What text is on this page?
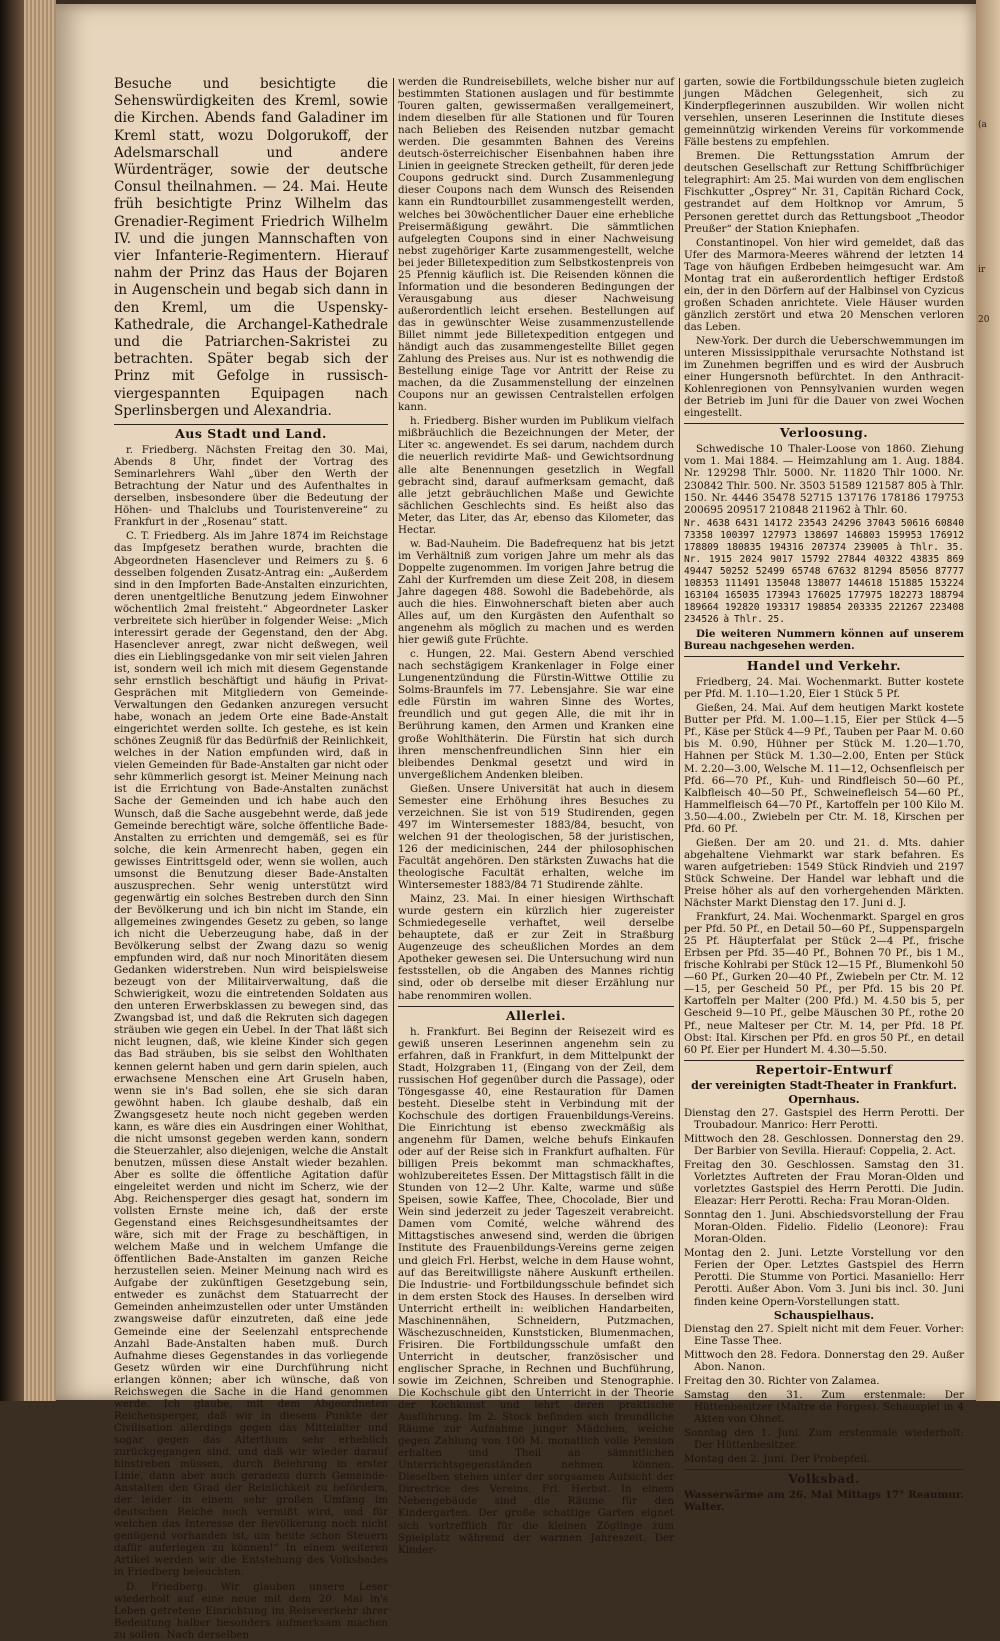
(a
ir
20

Besuche und besichtigte die Sehenswürdigkeiten des Kreml, sowie die Kirchen. Abends fand Galadiner im Kreml statt, wozu Dolgorukoff, der Adelsmarschall und andere Würdenträger, sowie der deutsche Consul theilnahmen. — 24. Mai. Heute früh besichtigte Prinz Wilhelm das Grenadier-Regiment Friedrich Wilhelm IV. und die jungen Mannschaften von vier Infanterie-Regimentern. Hierauf nahm der Prinz das Haus der Bojaren in Augenschein und begab sich dann in den Kreml, um die Uspensky-Kathedrale, die Archangel-Kathedrale und die Patriarchen-Sakristei zu betrachten. Später begab sich der Prinz mit Gefolge in russisch-viergespannten Equipagen nach Sperlinsbergen und Alexandria.

Aus Stadt und Land.

r. Friedberg. Nächsten Freitag den 30. Mai, Abends 8 Uhr, findet der Vortrag des Seminarlehrers Wahl „über den Werth der Betrachtung der Natur und des Aufenthaltes in derselben, insbesondere über die Bedeutung der Höhen- und Thalclubs und Touristenvereine“ zu Frankfurt in der „Rosenau“ statt.

C. T. Friedberg. Als im Jahre 1874 im Reichstage das Impfgesetz berathen wurde, brachten die Abgeordneten Hasenclever und Reimers zu §. 6 desselben folgenden Zusatz-Antrag ein: „Außerdem sind in den Impforten Bade-Anstalten einzurichten, deren unentgeltliche Benutzung jedem Einwohner wöchentlich 2mal freisteht.“ Abgeordneter Lasker verbreitete sich hierüber in folgender Weise: „Mich interessirt gerade der Gegenstand, den der Abg. Hasenclever anregt, zwar nicht deßwegen, weil dies ein Lieblingsgedanke von mir seit vielen Jahren ist, sondern weil ich mich mit diesem Gegenstande sehr ernstlich beschäftigt und häufig in Privat-Gesprächen mit Mitgliedern von Gemeinde-Verwaltungen den Gedanken anzuregen versucht habe, wonach an jedem Orte eine Bade-Anstalt eingerichtet werden sollte. Ich gestehe, es ist kein schönes Zeugniß für das Bedürfniß der Reinlichkeit, welches in der Nation empfunden wird, daß in vielen Gemeinden für Bade-Anstalten gar nicht oder sehr kümmerlich gesorgt ist. Meiner Meinung nach ist die Errichtung von Bade-Anstalten zunächst Sache der Gemeinden und ich habe auch den Wunsch, daß die Sache ausgebehnt werde, daß jede Gemeinde berechtigt wäre, solche öffentliche Bade-Anstalten zu errichten und demgemäß, sei es für solche, die kein Armenrecht haben, gegen ein gewisses Eintrittsgeld oder, wenn sie wollen, auch umsonst die Benutzung dieser Bade-Anstalten auszusprechen. Sehr wenig unterstützt wird gegenwärtig ein solches Bestreben durch den Sinn der Bevölkerung und ich bin nicht im Stande, ein allgemeines zwingendes Gesetz zu geben, so lange ich nicht die Ueberzeugung habe, daß in der Bevölkerung selbst der Zwang dazu so wenig empfunden wird, daß nur noch Minoritäten diesem Gedanken widerstreben. Nun wird beispielsweise bezeugt von der Militairverwaltung, daß die Schwierigkeit, wozu die eintretenden Soldaten aus den unteren Erwerbsklassen zu bewegen sind, das Zwangsbad ist, und daß die Rekruten sich dagegen sträuben wie gegen ein Uebel. In der That läßt sich nicht leugnen, daß, wie kleine Kinder sich gegen das Bad sträuben, bis sie selbst den Wohlthaten kennen gelernt haben und gern darin spielen, auch erwachsene Menschen eine Art Gruseln haben, wenn sie in's Bad sollen, ehe sie sich daran gewöhnt haben. Ich glaube deshalb, daß ein Zwangsgesetz heute noch nicht gegeben werden kann, es wäre dies ein Ausdringen einer Wohlthat, die nicht umsonst gegeben werden kann, sondern die Steuerzahler, also diejenigen, welche die Anstalt benutzen, müssen diese Anstalt wieder bezahlen. Aber es sollte die öffentliche Agitation dafür eingeleitet werden und nicht im Scherz, wie der Abg. Reichensperger dies gesagt hat, sondern im vollsten Ernste meine ich, daß der erste Gegenstand eines Reichsgesundheitsamtes der wäre, sich mit der Frage zu beschäftigen, in welchem Maße und in welchem Umfange die öffentlichen Bade-Anstalten im ganzen Reiche herzustellen seien. Meiner Meinung nach wird es Aufgabe der zukünftigen Gesetzgebung sein, entweder es zunächst dem Statuarrecht der Gemeinden anheimzustellen oder unter Umständen zwangsweise dafür einzutreten, daß eine jede Gemeinde eine der Seelenzahl entsprechende Anzahl Bade-Anstalten haben muß. Durch Aufnahme dieses Gegenstandes in das vorliegende Gesetz würden wir eine Durchführung nicht erlangen können; aber ich wünsche, daß von Reichswegen die Sache in die Hand genommen werde. Ich glaube, mit dem Abgeordneten Reichensperger, daß wir in diesem Punkte der Civilisation allerdings gegen das Mittelalter und sogar gegen das Alterthum sehr erheblich zurückgegangen sind, und daß wir wieder darauf hinstreben müssen, durch Belehrung in erster Linie, dann aber auch geradezu durch Gemeinde-Anstalten den Grad der Reinlichkeit zu befördern, der leider in einem sehr großen Umfang im deutschen Reiche noch vermißt wird, und für welchen das Interesse der Bevölkerung noch nicht genügend vorhanden ist, um heute schon Steuern dafür auferlegen zu können!“ In einem weiteren Artikel werden wir die Entstehung des Volksbades in Friedberg beleuchten.

D. Friedberg. Wir glauben unsere Leser wiederholt auf eine neue mit dem 20. Mai in's Leben getretene Einrichtung im Reiseverkehr ihrer Bedeutung halber besonders aufmerksam machen zu sollen. Nach derselben

werden die Rundreisebillets, welche bisher nur auf bestimmten Stationen auslagen und für bestimmte Touren galten, gewissermaßen verallgemeinert, indem dieselben für alle Stationen und für Touren nach Belieben des Reisenden nutzbar gemacht werden. Die gesammten Bahnen des Vereins deutsch-österreichischer Eisenbahnen haben ihre Linien in geeignete Strecken getheilt, für deren jede Coupons gedruckt sind. Durch Zusammenlegung dieser Coupons nach dem Wunsch des Reisenden kann ein Rundtourbillet zusammengestellt werden, welches bei 30wöchentlicher Dauer eine erhebliche Preisermäßigung gewährt. Die sämmtlichen aufgelegten Coupons sind in einer Nachweisung nebst zugehöriger Karte zusammengestellt, welche bei jeder Billetexpedition zum Selbstkostenpreis von 25 Pfennig käuflich ist. Die Reisenden können die Information und die besonderen Bedingungen der Verausgabung aus dieser Nachweisung außerordentlich leicht ersehen. Bestellungen auf das in gewünschter Weise zusammenzustellende Billet nimmt jede Billetexpedition entgegen und händigt auch das zusammengestellte Billet gegen Zahlung des Preises aus. Nur ist es nothwendig die Bestellung einige Tage vor Antritt der Reise zu machen, da die Zusammenstellung der einzelnen Coupons nur an gewissen Centralstellen erfolgen kann.

h. Friedberg. Bisher wurden im Publikum vielfach mißbräuchlich die Bezeichnungen der Meter, der Liter ꝛc. angewendet. Es sei darum, nachdem durch die neuerlich revidirte Maß- und Gewichtsordnung alle alte Benennungen gesetzlich in Wegfall gebracht sind, darauf aufmerksam gemacht, daß alle jetzt gebräuchlichen Maße und Gewichte sächlichen Geschlechts sind. Es heißt also das Meter, das Liter, das Ar, ebenso das Kilometer, das Hectar.

w. Bad-Nauheim. Die Badefrequenz hat bis jetzt im Verhältniß zum vorigen Jahre um mehr als das Doppelte zugenommen. Im vorigen Jahre betrug die Zahl der Kurfremden um diese Zeit 208, in diesem Jahre dagegen 488. Sowohl die Badebehörde, als auch die hies. Einwohnerschaft bieten aber auch Alles auf, um den Kurgästen den Aufenthalt so angenehm als möglich zu machen und es werden hier gewiß gute Früchte.

c. Hungen, 22. Mai. Gestern Abend verschied nach sechstägigem Krankenlager in Folge einer Lungenentzündung die Fürstin-Wittwe Ottilie zu Solms-Braunfels im 77. Lebensjahre. Sie war eine edle Fürstin im wahren Sinne des Wortes, freundlich und gut gegen Alle, die mit ihr in Berührung kamen, den Armen und Kranken eine große Wohlthäterin. Die Fürstin hat sich durch ihren menschenfreundlichen Sinn hier ein bleibendes Denkmal gesetzt und wird in unvergeßlichem Andenken bleiben.

Gießen. Unsere Universität hat auch in diesem Semester eine Erhöhung ihres Besuches zu verzeichnen. Sie ist von 519 Studirenden, gegen 497 im Wintersemester 1883/84, besucht, von welchen 91 der theologischen, 58 der juristischen, 126 der medicinischen, 244 der philosophischen Facultät angehören. Den stärksten Zuwachs hat die theologische Facultät erhalten, welche im Wintersemester 1883/84 71 Studirende zählte.

Mainz, 23. Mai. In einer hiesigen Wirthschaft wurde gestern ein kürzlich hier zugereister Schmiedegeselle verhaftet, weil derselbe behauptete, daß er zur Zeit in Straßburg Augenzeuge des scheußlichen Mordes an dem Apotheker gewesen sei. Die Untersuchung wird nun festsstellen, ob die Angaben des Mannes richtig sind, oder ob derselbe mit dieser Erzählung nur habe renommiren wollen.

Allerlei.

h. Frankfurt. Bei Beginn der Reisezeit wird es gewiß unseren Leserinnen angenehm sein zu erfahren, daß in Frankfurt, in dem Mittelpunkt der Stadt, Holzgraben 11, (Eingang von der Zeil, dem russischen Hof gegenüber durch die Passage), oder Töngesgasse 40, eine Restauration für Damen besteht. Dieselbe steht in Verbindung mit der Kochschule des dortigen Frauenbildungs-Vereins. Die Einrichtung ist ebenso zweckmäßig als angenehm für Damen, welche behufs Einkaufen oder auf der Reise sich in Frankfurt aufhalten. Für billigen Preis bekommt man schmackhaftes, wohlzubereitetes Essen. Der Mittagstisch fällt in die Stunden von 12—2 Uhr. Kalte, warme und süße Speisen, sowie Kaffee, Thee, Chocolade, Bier und Wein sind jederzeit zu jeder Tageszeit verabreicht. Damen vom Comité, welche während des Mittagstisches anwesend sind, werden die übrigen Institute des Frauenbildungs-Vereins gerne zeigen und gleich Frl. Herbst, welche in dem Hause wohnt, auf das Bereitwilligste nähere Auskunft ertheilen. Die Industrie- und Fortbildungsschule befindet sich in dem ersten Stock des Hauses. In derselben wird Unterricht ertheilt in: weiblichen Handarbeiten, Maschinennähen, Schneidern, Putzmachen, Wäschezuschneiden, Kunststicken, Blumenmachen, Frisiren. Die Fortbildungsschule umfaßt den Unterricht in deutscher, französischer und englischer Sprache, in Rechnen und Buchführung, sowie im Zeichnen, Schreiben und Stenographie. Die Kochschule gibt den Unterricht in der Theorie der Kochkunst und lehrt deren praktische Ausführung. Im 2. Stock befinden sich freundliche Räume zur Aufnahme junger Mädchen, welche gegen Zahlung von 100 M. monatlich volle Pension erhalten und Theil an sämmtlichen Unterrichtsgegenständen nehmen können. Dieselben stehen unter der sorgsamen Aufsicht der Directrice des Vereins, Frl. Herbst. In einem Nebengebäude sind die Räume für den Kindergarten. Der große schattige Garten eignet sich vortrefflich für die kleinen Zöglinge zum Spielplatz während der warmen Jahreszeit. Der Kinder-

garten, sowie die Fortbildungsschule bieten zugleich jungen Mädchen Gelegenheit, sich zu Kinderpflegerinnen auszubilden. Wir wollen nicht versehlen, unseren Leserinnen die Institute dieses gemeinnützig wirkenden Vereins für vorkommende Fälle bestens zu empfehlen.

Bremen. Die Rettungsstation Amrum der deutschen Gesellschaft zur Rettung Schiffbrüchiger telegraphirt: Am 25. Mai wurden von dem englischen Fischkutter „Osprey“ Nr. 31, Capitän Richard Cock, gestrandet auf dem Holtknop vor Amrum, 5 Personen gerettet durch das Rettungsboot „Theodor Preußer“ der Station Kniephafen.

Constantinopel. Von hier wird gemeldet, daß das Ufer des Marmora-Meeres während der letzten 14 Tage von häufigen Erdbeben heimgesucht war. Am Montag trat ein außerordentlich heftiger Erdstoß ein, der in den Dörfern auf der Halbinsel von Cyzicus großen Schaden anrichtete. Viele Häuser wurden gänzlich zerstört und etwa 20 Menschen verloren das Leben.

New-York. Der durch die Ueberschwemmungen im unteren Mississippithale verursachte Nothstand ist im Zunehmen begriffen und es wird der Ausbruch einer Hungersnoth befürchtet. In den Anthracit-Kohlenregionen von Pennsylvanien wurden wegen der Betrieb im Juni für die Dauer von zwei Wochen eingestellt.

Verloosung.

Schwedische 10 Thaler-Loose von 1860. Ziehung vom 1. Mai 1884. — Heimzahlung am 1. Aug. 1884. Nr. 129298 Thlr. 5000. Nr. 11820 Thlr 1000. Nr. 230842 Thlr. 500. Nr. 3503 51589 121587 805 à Thlr. 150. Nr. 4446 35478 52715 137176 178186 179753 200695 209517 210848 211962 à Thlr. 60.

Nr. 4638 6431 14172 23543 24296 37043 50616 60840 73358 100397 127973 138697 146803 159953 176912 178809 180835 194316 207374 239005 à Thlr. 35. Nr. 1915 2024 9017 15792 27844 40322 43835 869 49447 50252 52499 65748 67632 81294 85056 87777 108353 111491 135048 138077 144618 151885 153224 163104 165035 173943 176025 177975 182273 188794 189664 192820 193317 198854 203335 221267 223408 234526 à Thlr. 25.

Die weiteren Nummern können auf unserem Bureau nachgesehen werden.

Handel und Verkehr.

Friedberg, 24. Mai. Wochenmarkt. Butter kostete per Pfd. M. 1.10—1.20, Eier 1 Stück 5 Pf.

Gießen, 24. Mai. Auf dem heutigen Markt kostete Butter per Pfd. M. 1.00—1.15, Eier per Stück 4—5 Pf., Käse per Stück 4—9 Pf., Tauben per Paar M. 0.60 bis M. 0.90, Hühner per Stück M. 1.20—1.70, Hahnen per Stück M. 1.30—2.00, Enten per Stück M. 2.20—3.00, Welsche M. 11—12, Ochsenfleisch per Pfd. 66—70 Pf., Kuh- und Rindfleisch 50—60 Pf., Kalbfleisch 40—50 Pf., Schweinefleisch 54—60 Pf., Hammelfleisch 64—70 Pf., Kartoffeln per 100 Kilo M. 3.50—4.00., Zwiebeln per Ctr. M. 18, Kirschen per Pfd. 60 Pf.

Gießen. Der am 20. und 21. d. Mts. dahier abgehaltene Viehmarkt war stark befahren. Es waren aufgetrieben: 1549 Stück Rindvieh und 2197 Stück Schweine. Der Handel war lebhaft und die Preise höher als auf den vorhergehenden Märkten. Nächster Markt Dienstag den 17. Juni d. J.

Frankfurt, 24. Mai. Wochenmarkt. Spargel en gros per Pfd. 50 Pf., en Detail 50—60 Pf., Suppenspargeln 25 Pf. Häupterfalat per Stück 2—4 Pf., frische Erbsen per Pfd. 35—40 Pf., Bohnen 70 Pf., bis 1 M., frische Kohlrabi per Stück 12—15 Pf., Blumenkohl 50—60 Pf., Gurken 20—40 Pf., Zwiebeln per Ctr. M. 12—15, per Gescheid 50 Pf., per Pfd. 15 bis 20 Pf. Kartoffeln per Malter (200 Pfd.) M. 4.50 bis 5, per Gescheid 9—10 Pf., gelbe Mäuschen 30 Pf., rothe 20 Pf., neue Malteser per Ctr. M. 14, per Pfd. 18 Pf. Obst: Ital. Kirschen per Pfd. en gros 50 Pf., en detail 60 Pf. Eier per Hundert M. 4.30—5.50.

Repertoir-Entwurf
der vereinigten Stadt-Theater in Frankfurt.
Opernhaus.

Dienstag den 27. Gastspiel des Herrn Perotti. Der Troubadour. Manrico: Herr Perotti.

Mittwoch den 28. Geschlossen. Donnerstag den 29. Der Barbier von Sevilla. Hierauf: Coppelia, 2. Act.

Freitag den 30. Geschlossen. Samstag den 31. Vorletztes Auftreten der Frau Moran-Olden und vorletztes Gastspiel des Herrn Perotti. Die Judin. Eleazar: Herr Perotti. Recha: Frau Moran-Olden.

Sonntag den 1. Juni. Abschiedsvorstellung der Frau Moran-Olden. Fidelio. Fidelio (Leonore): Frau Moran-Olden.

Montag den 2. Juni. Letzte Vorstellung vor den Ferien der Oper. Letztes Gastspiel des Herrn Perotti. Die Stumme von Portici. Masaniello: Herr Perotti. Außer Abon. Vom 3. Juni bis incl. 30. Juni finden keine Opern-Vorstellungen statt.

Schauspielhaus.

Dienstag den 27. Spielt nicht mit dem Feuer. Vorher: Eine Tasse Thee.

Mittwoch den 28. Fedora. Donnerstag den 29. Außer Abon. Nanon.

Freitag den 30. Richter von Zalamea.

Samstag den 31. Zum erstenmale: Der Hüttenbesitzer (Maître de Forges). Schauspiel in 4 Akten von Ohnet.

Sonntag den 1. Juni. Zum erstenmale wiederholt: Der Hüttenbesitzer.

Montag den 2. Juni. Der Probepfeil.

Volksbad.

Wasserwärme am 26. Mai Mittags 17° Reaumur. Walter.
